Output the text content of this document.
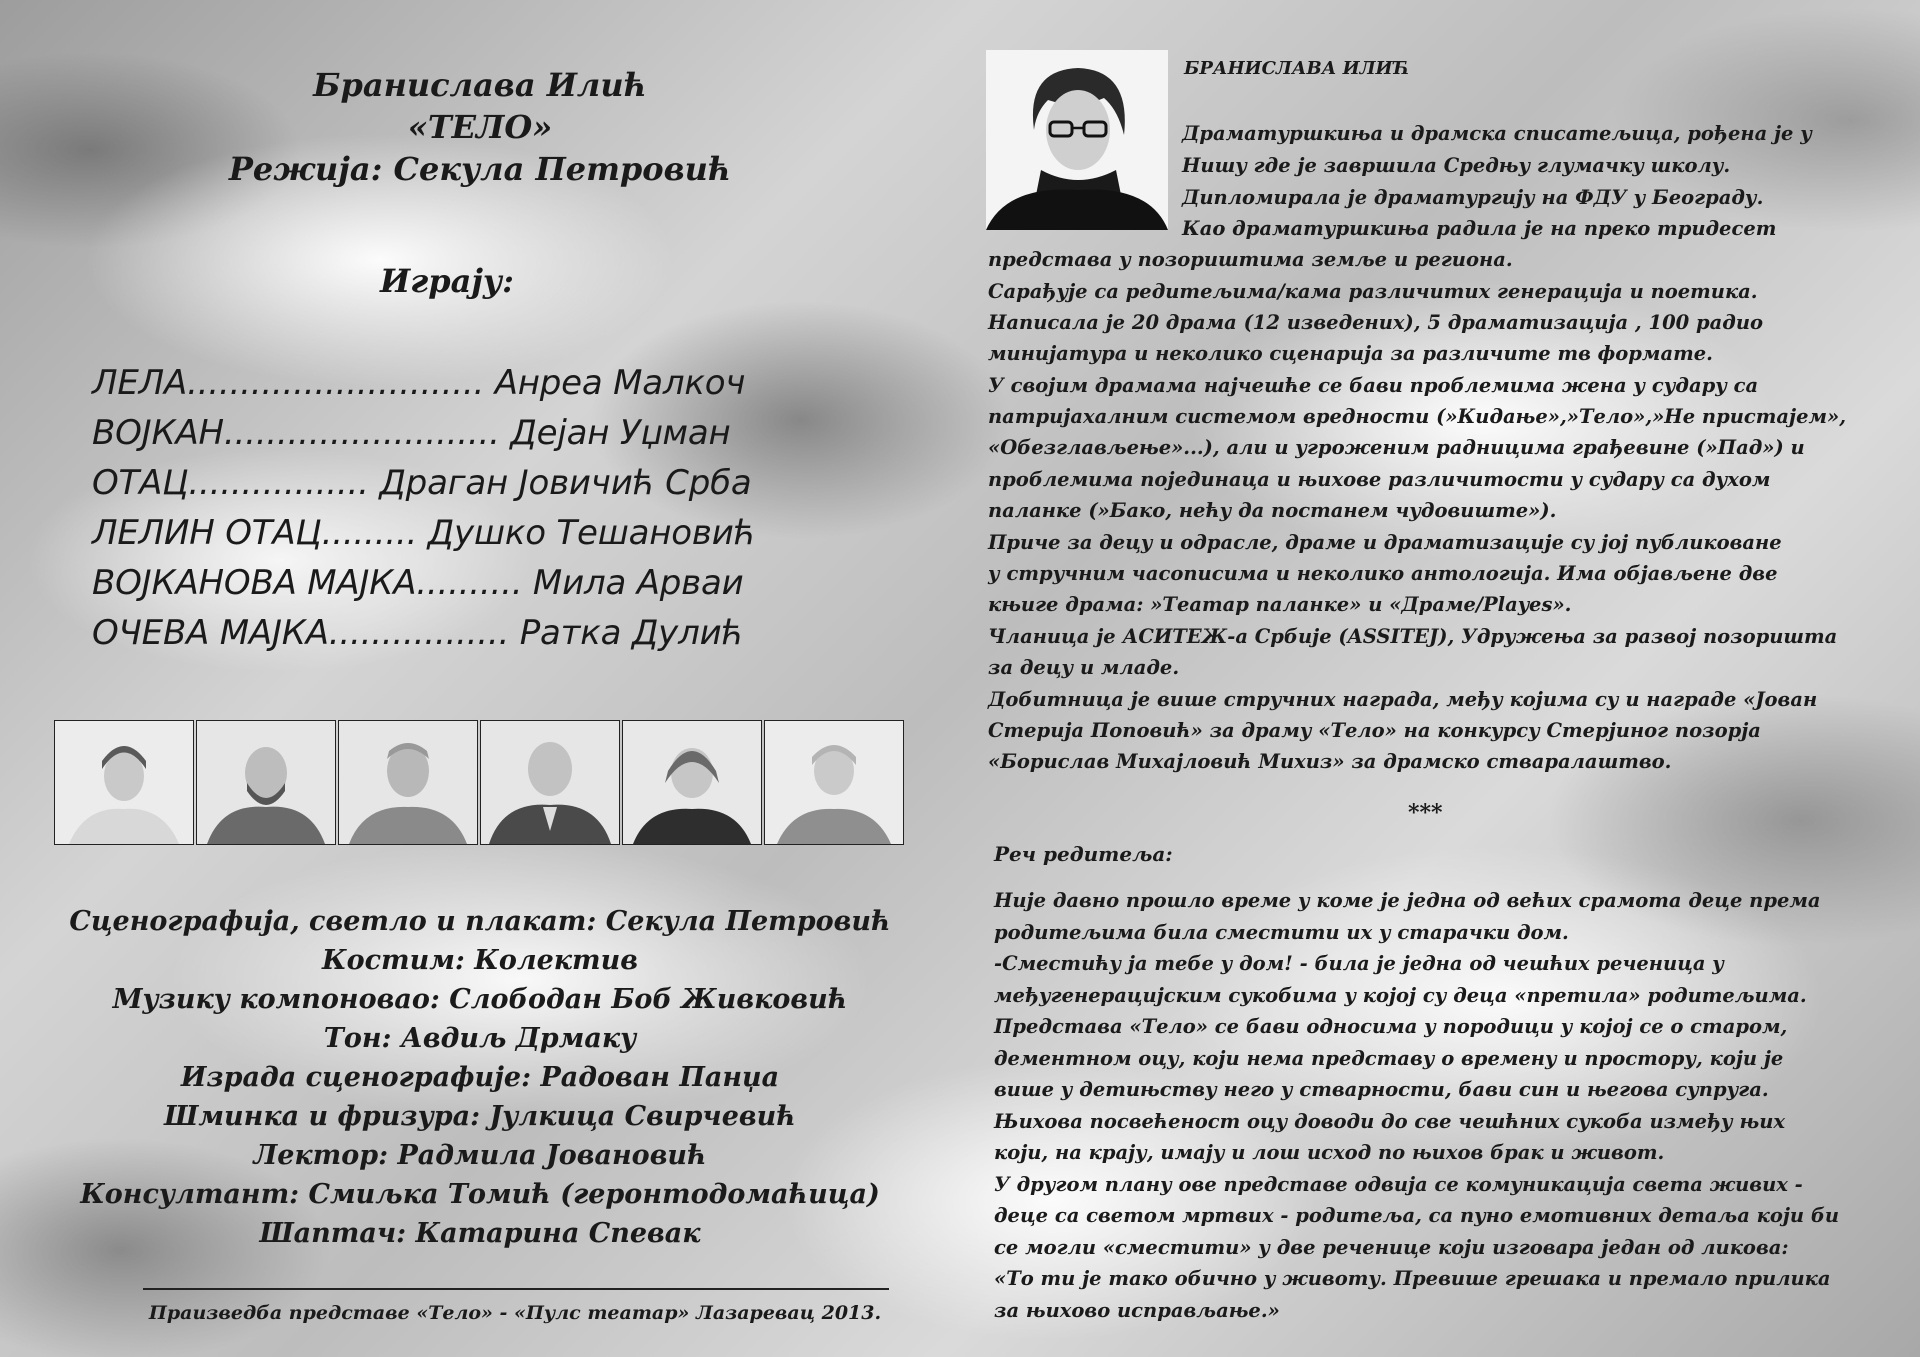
Бранислава Илић
«ТЕЛО»
Режија: Секула Петровић
Играју:
ЛЕЛА............................ Анреа Малкоч
ВОЈКАН.......................... Дејан Уџман
ОТАЦ................. Драган Јовичић Срба
ЛЕЛИН ОТАЦ......... Душко Тешановић
ВОЈКАНОВА МАЈКА.......... Мила Арваи
ОЧЕВА МАЈКА................. Ратка Дулић
Сценографија, светло и плакат: Секула Петровић
Костим: Колектив
Музику компоновао: Слободан Боб Живковић
Тон: Авдиљ Дрмаку
Израда сценографије: Радован Панџа
Шминка и фризура: Јулкица Свирчевић
Лектор: Радмила Јовановић
Консултант: Смиљка Томић (геронтодомаћица)
Шаптач: Катарина Спевак
Праизведба представе «Тело» - «Пулс театар» Лазаревац 2013.
БРАНИСЛАВА ИЛИЋ
Драматуршкиња и драмска списатељица, рођена је у
Нишу где је завршила Средњу глумачку школу.
Дипломирала је драматургију на ФДУ у Београду.
Као драматуршкиња радила је на преко тридесет
представа у позориштима земље и региона.
Сарађује са редитељима/кама различитих генерација и поетика.
Написала је 20 драма (12 изведених), 5 драматизација , 100 радио
минијатура и неколико сценарија за различите тв формате.
У својим драмама најчешће се бави проблемима жена у судару са
патријахалним системом вредности (»Кидање»,»Тело»,»Не пристајем»,
«Обезглављење»...), али и угроженим радницима грађевине (»Пад») и
проблемима појединаца и њихове различитости у судару са духом
паланке (»Бако, нећу да постанем чудовиште»).
Приче за децу и одрасле, драме и драматизације су јој публиковане
у стручним часописима и неколико антологија. Има објављене две
књиге драма: »Театар паланке» и «Драме/Playes».
Чланица је АСИТЕЖ-а Србије (ASSITEJ), Удружења за развој позоришта
за децу и младе.
Добитница је више стручних награда, међу којима су и награде «Јован
Стерија Поповић» за драму «Тело» на конкурсу Стерјиног позорја
«Борислав Михајловић Михиз» за драмско стваралаштво.
***
Реч редитеља:
Није давно прошло време у коме је једна од већих срамота деце према
родитељима била сместити их у старачки дом.
-Сместићу ја тебе у дом! - била је једна од чешћих реченица у
међугенерацијским сукобима у којој су деца «претила» родитељима.
Представа «Тело» се бави односима у породици у којој се о старом,
дементном оцу, који нема представу о времену и простору, који је
више у детињству него у стварности, бави син и његова супруга.
Њихова посвећеност оцу доводи до све чешћних сукоба између њих
који, на крају, имају и лош исход по њихов брак и живот.
У другом плану ове представе одвија се комуникација света живих -
деце са светом мртвих - родитеља, са пуно емотивних детаља који би
се могли «сместити» у две реченице који изговара један од ликова:
«То ти је тако обично у животу. Превише грешака и премало прилика
за њихово исправљање.»
